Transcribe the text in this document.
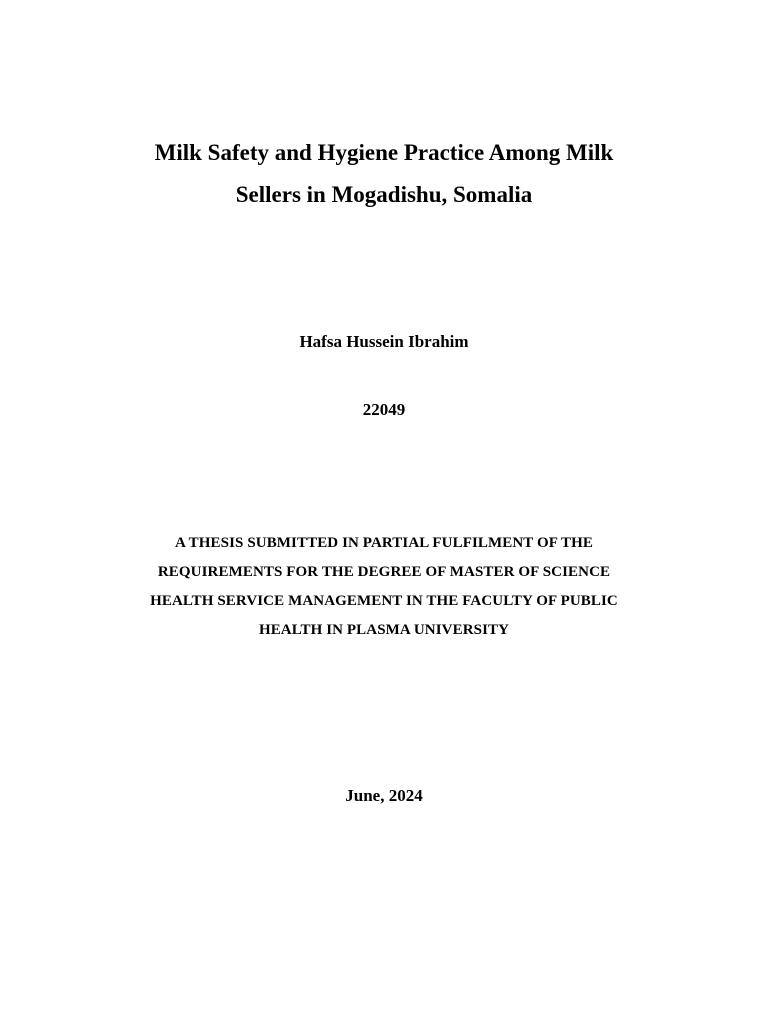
Milk Safety and Hygiene Practice Among Milk
Sellers in Mogadishu, Somalia
Hafsa Hussein Ibrahim
22049
A THESIS SUBMITTED IN PARTIAL FULFILMENT OF THE
REQUIREMENTS FOR THE DEGREE OF MASTER OF SCIENCE
HEALTH SERVICE MANAGEMENT IN THE FACULTY OF PUBLIC
HEALTH IN PLASMA UNIVERSITY
June, 2024
